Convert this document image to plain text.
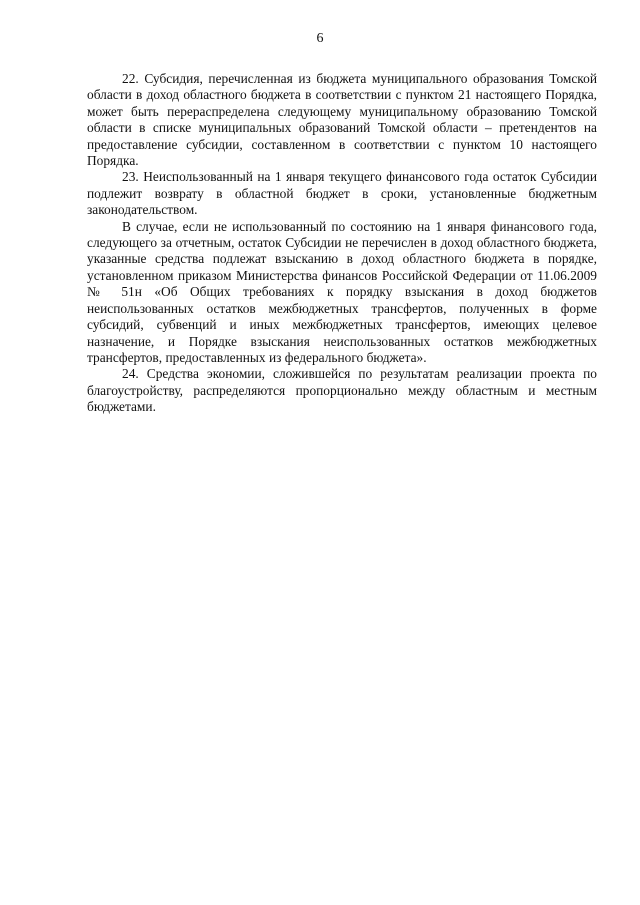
6

22. Субсидия, перечисленная из бюджета муниципального образования Томской области в доход областного бюджета в соответствии с пунктом 21 настоящего Порядка, может быть перераспределена следующему муниципальному образованию Томской области в списке муниципальных образований Томской области – претендентов на предоставление субсидии, составленном в соответствии с пунктом 10 настоящего Порядка.

23. Неиспользованный на 1 января текущего финансового года остаток Субсидии подлежит возврату в областной бюджет в сроки, установленные бюджетным законодательством.

В случае, если не использованный по состоянию на 1 января финансового года, следующего за отчетным, остаток Субсидии не перечислен в доход областного бюджета, указанные средства подлежат взысканию в доход областного бюджета в порядке, установленном приказом Министерства финансов Российской Федерации от 11.06.2009 № 51н «Об Общих требованиях к порядку взыскания в доход бюджетов неиспользованных остатков межбюджетных трансфертов, полученных в форме субсидий, субвенций и иных межбюджетных трансфертов, имеющих целевое назначение, и Порядке взыскания неиспользованных остатков межбюджетных трансфертов, предоставленных из федерального бюджета».

24. Средства экономии, сложившейся по результатам реализации проекта по благоустройству, распределяются пропорционально между областным и местным бюджетами.
